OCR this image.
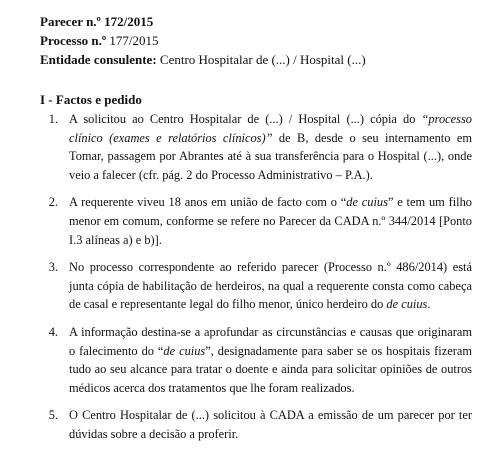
Parecer n.º 172/2015
Processo n.º 177/2015
Entidade consulente: Centro Hospitalar de (...) / Hospital (...)
I - Factos e pedido
1. A solicitou ao Centro Hospitalar de (...) / Hospital (...) cópia do “processo clínico (exames e relatórios clínicos)” de B, desde o seu internamento em Tomar, passagem por Abrantes até à sua transferência para o Hospital (...), onde veio a falecer (cfr. pág. 2 do Processo Administrativo – P.A.).
2. A requerente viveu 18 anos em união de facto com o “de cuius” e tem um filho menor em comum, conforme se refere no Parecer da CADA n.º 344/2014 [Ponto I.3 alíneas a) e b)].
3. No processo correspondente ao referido parecer (Processo n.º 486/2014) está junta cópia de habilitação de herdeiros, na qual a requerente consta como cabeça de casal e representante legal do filho menor, único herdeiro do de cuius.
4. A informação destina-se a aprofundar as circunstâncias e causas que originaram o falecimento do “de cuius”, designadamente para saber se os hospitais fizeram tudo ao seu alcance para tratar o doente e ainda para solicitar opiniões de outros médicos acerca dos tratamentos que lhe foram realizados.
5. O Centro Hospitalar de (...) solicitou à CADA a emissão de um parecer por ter dúvidas sobre a decisão a proferir.
